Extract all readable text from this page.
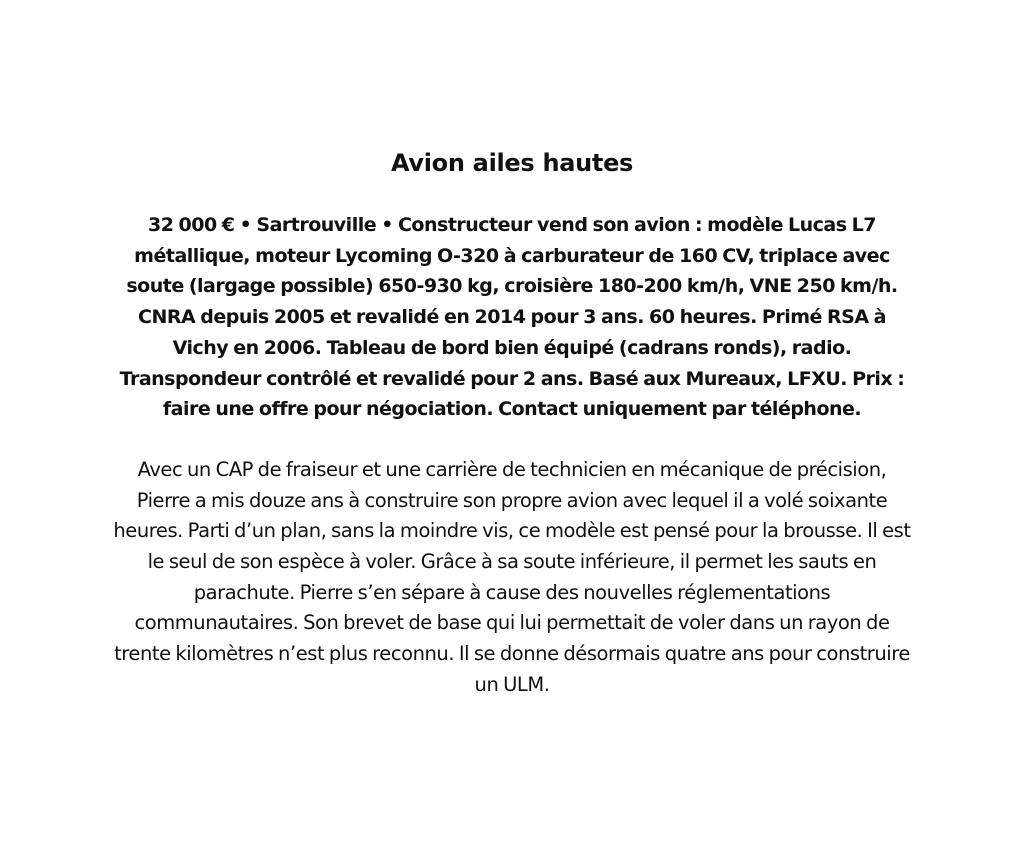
Avion ailes hautes

32 000 € • Sartrouville • Constructeur vend son avion : modèle Lucas L7 métallique, moteur Lycoming O-320 à carburateur de 160 CV, triplace avec soute (largage possible) 650-930 kg, croisière 180-200 km/h, VNE 250 km/h. CNRA depuis 2005 et revalidé en 2014 pour 3 ans. 60 heures. Primé RSA à Vichy en 2006. Tableau de bord bien équipé (cadrans ronds), radio. Transpondeur contrôlé et revalidé pour 2 ans. Basé aux Mureaux, LFXU. Prix : faire une offre pour négociation. Contact uniquement par téléphone.

Avec un CAP de fraiseur et une carrière de technicien en mécanique de précision, Pierre a mis douze ans à construire son propre avion avec lequel il a volé soixante heures. Parti d’un plan, sans la moindre vis, ce modèle est pensé pour la brousse. Il est le seul de son espèce à voler. Grâce à sa soute inférieure, il permet les sauts en parachute. Pierre s’en sépare à cause des nouvelles réglementations communautaires. Son brevet de base qui lui permettait de voler dans un rayon de trente kilomètres n’est plus reconnu. Il se donne désormais quatre ans pour construire un ULM.
